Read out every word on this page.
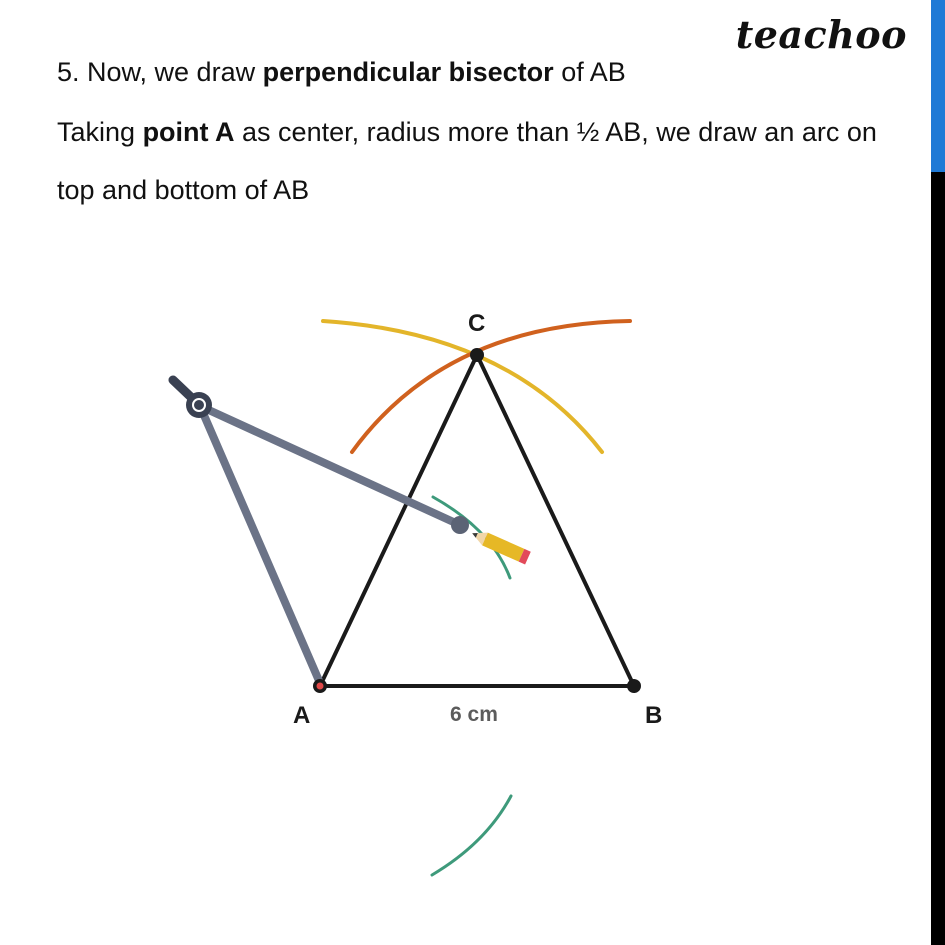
teachoo

5. Now, we draw perpendicular bisector of AB

Taking point A as center, radius more than ½ AB, we draw an arc on top and bottom of AB

C
A	B
6 cm
